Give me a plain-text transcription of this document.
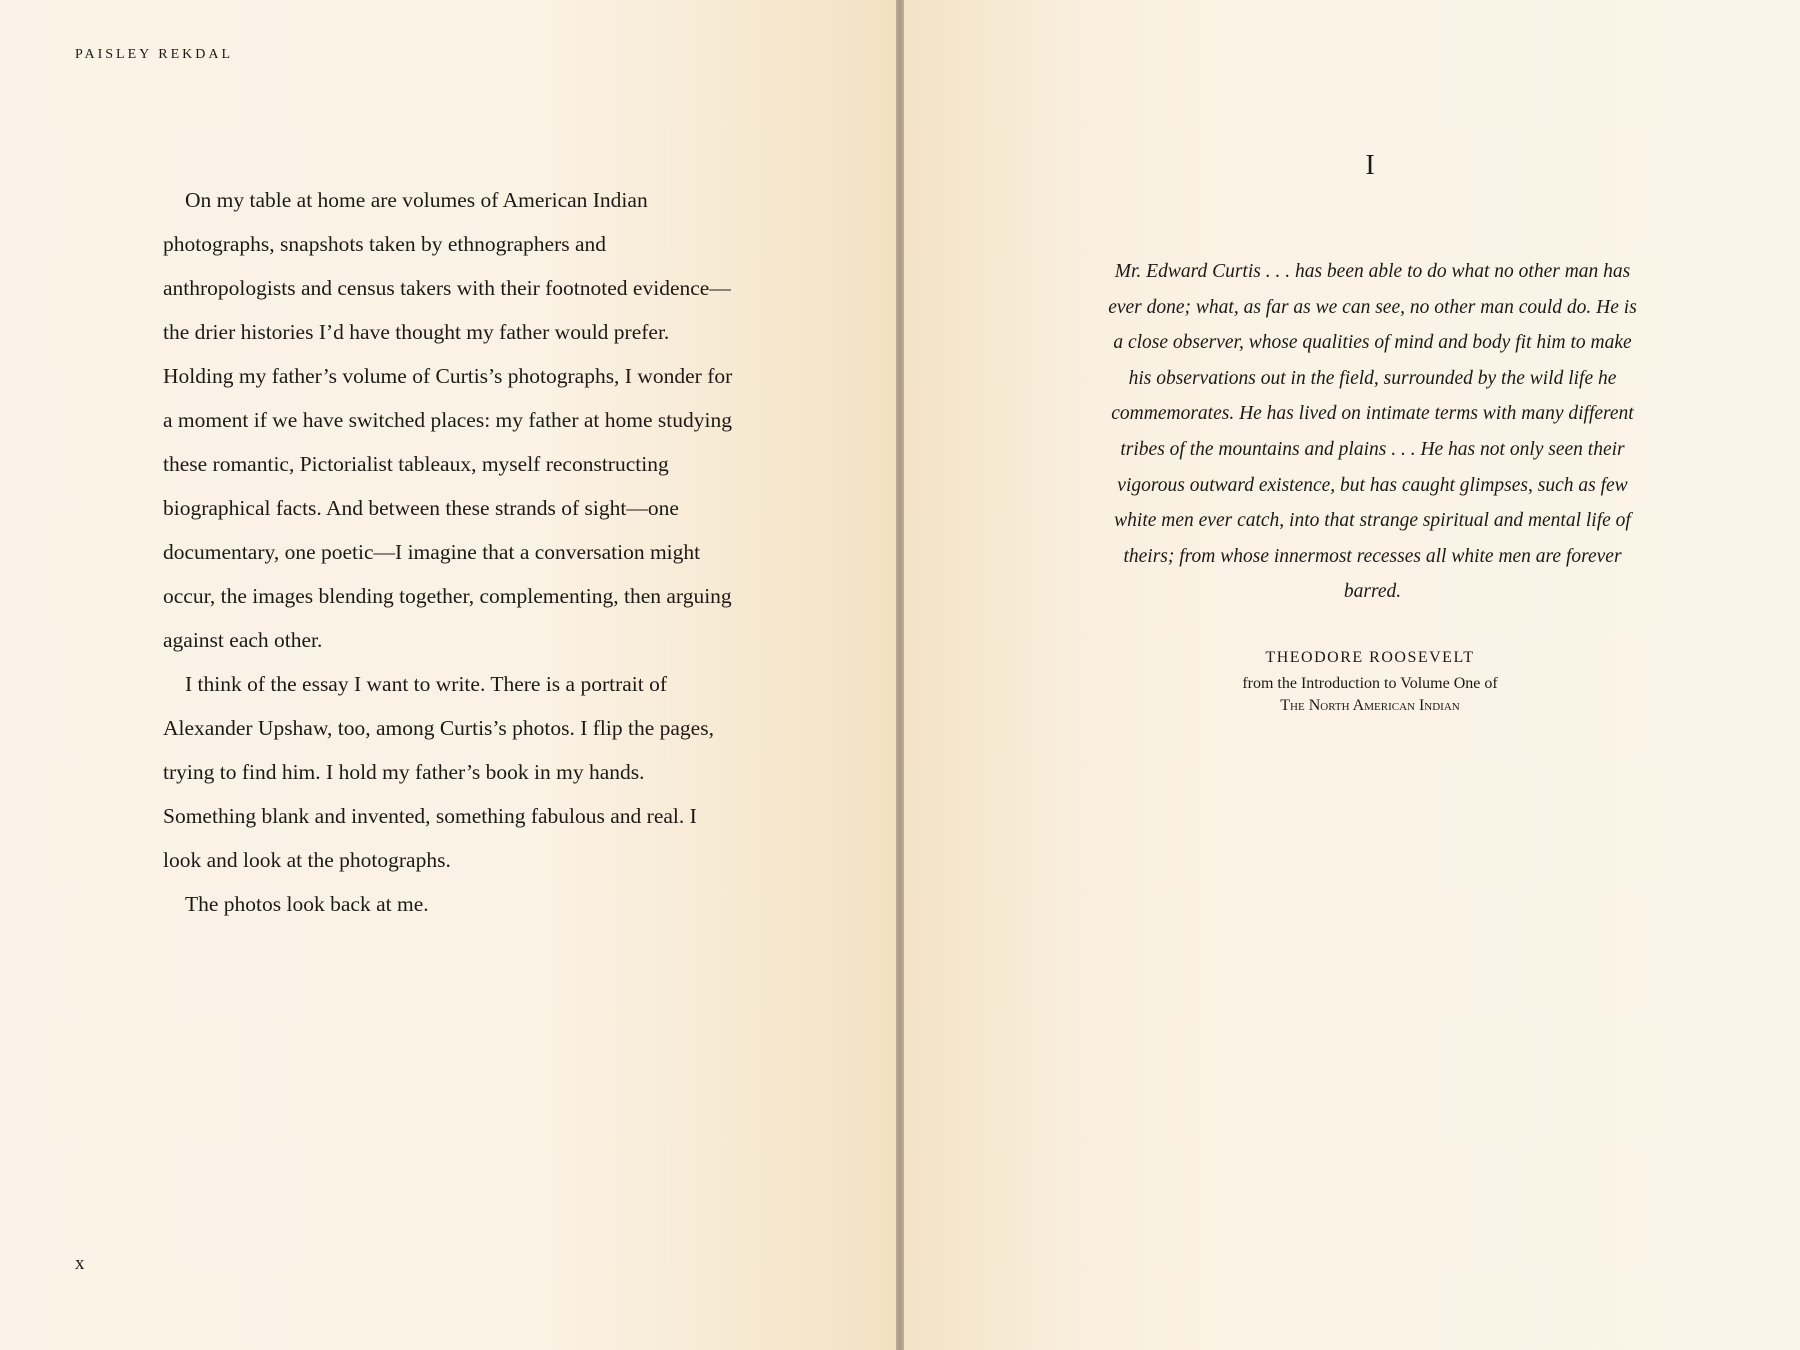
PAISLEY REKDAL

On my table at home are volumes of American Indian photographs, snapshots taken by ethnographers and anthropologists and census takers with their footnoted evidence—the drier histories I’d have thought my father would prefer. Holding my father’s volume of Curtis’s photographs, I wonder for a moment if we have switched places: my father at home studying these romantic, Pictorialist tableaux, myself reconstructing biographical facts. And between these strands of sight—one documentary, one poetic—I imagine that a conversation might occur, the images blending together, complementing, then arguing against each other.

I think of the essay I want to write. There is a portrait of Alexander Upshaw, too, among Curtis’s photos. I flip the pages, trying to find him. I hold my father’s book in my hands. Something blank and invented, something fabulous and real. I look and look at the photographs.

The photos look back at me.

x
I
Mr. Edward Curtis . . . has been able to do what no other man has ever done; what, as far as we can see, no other man could do. He is a close observer, whose qualities of mind and body fit him to make his observations out in the field, surrounded by the wild life he commemorates. He has lived on intimate terms with many different tribes of the mountains and plains . . . He has not only seen their vigorous outward existence, but has caught glimpses, such as few white men ever catch, into that strange spiritual and mental life of theirs; from whose innermost recesses all white men are forever barred.
THEODORE ROOSEVELT
from the Introduction to Volume One of
The North American Indian
